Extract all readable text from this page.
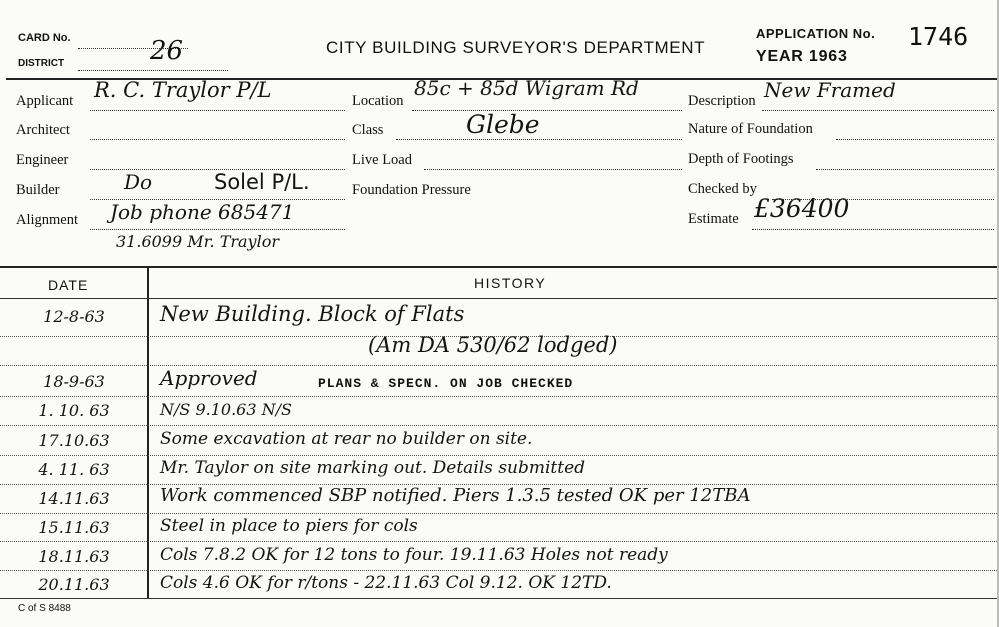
CARD No.
DISTRICT	26	CITY BUILDING SURVEYOR'S DEPARTMENT
APPLICATION No. 1746
YEAR 1963
Applicant R. C. Traylor P/L
Architect
Engineer
Builder	Do	Solel P/L.
Alignment Job phone 685471
31.6099 Mr. Traylor
Location
85c + 85d Wigram Rd
Class	Glebe
Live Load
Foundation Pressure
Description New Framed
Nature of Foundation
Depth of Footings
Checked by
Estimate £36400
DATE	HISTORY
12-8-63	New Building. Block of Flats
(Am DA 530/62 lodged)
18-9-63	Approved	PLANS & SPECN. ON JOB CHECKED
1. 10. 63	N/S 9.10.63 N/S
17.10.63	Some excavation at rear no builder on site.
4. 11. 63	Mr. Taylor on site marking out. Details submitted
14.11.63	Work commenced SBP notified. Piers 1.3.5 tested OK per 12TBA
15.11.63	Steel in place to piers for cols
18.11.63	Cols 7.8.2 OK for 12 tons to four. 19.11.63 Holes not ready
20.11.63	Cols 4.6 OK for r/tons - 22.11.63 Col 9.12. OK 12TD.
C of S 8488
